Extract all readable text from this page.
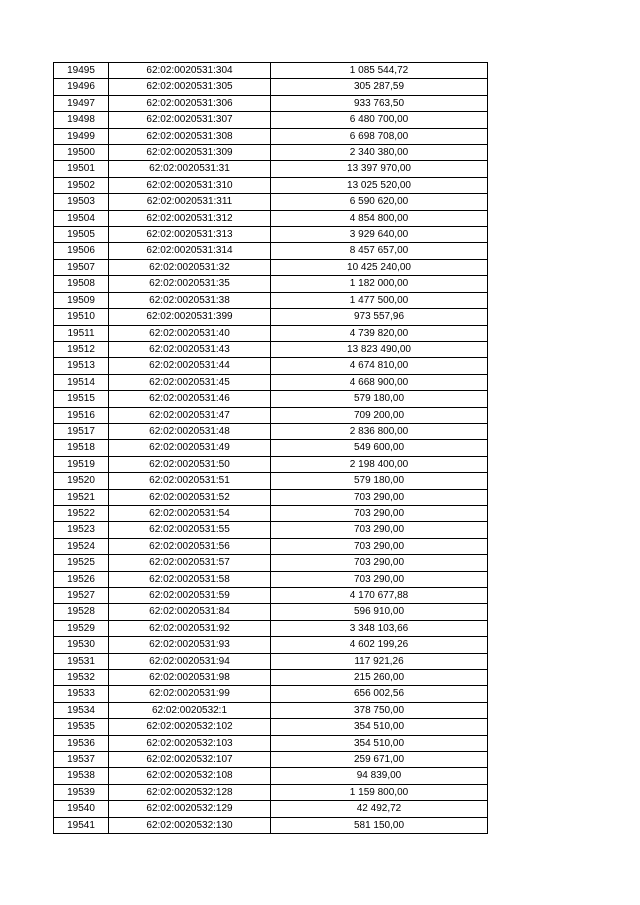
19495	62:02:0020531:304	1 085 544,72
19496	62:02:0020531:305	305 287,59
19497	62:02:0020531:306	933 763,50
19498	62:02:0020531:307	6 480 700,00
19499	62:02:0020531:308	6 698 708,00
19500	62:02:0020531:309	2 340 380,00
19501	62:02:0020531:31	13 397 970,00
19502	62:02:0020531:310	13 025 520,00
19503	62:02:0020531:311	6 590 620,00
19504	62:02:0020531:312	4 854 800,00
19505	62:02:0020531:313	3 929 640,00
19506	62:02:0020531:314	8 457 657,00
19507	62:02:0020531:32	10 425 240,00
19508	62:02:0020531:35	1 182 000,00
19509	62:02:0020531:38	1 477 500,00
19510	62:02:0020531:399	973 557,96
19511	62:02:0020531:40	4 739 820,00
19512	62:02:0020531:43	13 823 490,00
19513	62:02:0020531:44	4 674 810,00
19514	62:02:0020531:45	4 668 900,00
19515	62:02:0020531:46	579 180,00
19516	62:02:0020531:47	709 200,00
19517	62:02:0020531:48	2 836 800,00
19518	62:02:0020531:49	549 600,00
19519	62:02:0020531:50	2 198 400,00
19520	62:02:0020531:51	579 180,00
19521	62:02:0020531:52	703 290,00
19522	62:02:0020531:54	703 290,00
19523	62:02:0020531:55	703 290,00
19524	62:02:0020531:56	703 290,00
19525	62:02:0020531:57	703 290,00
19526	62:02:0020531:58	703 290,00
19527	62:02:0020531:59	4 170 677,88
19528	62:02:0020531:84	596 910,00
19529	62:02:0020531:92	3 348 103,66
19530	62:02:0020531:93	4 602 199,26
19531	62:02:0020531:94	117 921,26
19532	62:02:0020531:98	215 260,00
19533	62:02:0020531:99	656 002,56
19534	62:02:0020532:1	378 750,00
19535	62:02:0020532:102	354 510,00
19536	62:02:0020532:103	354 510,00
19537	62:02:0020532:107	259 671,00
19538	62:02:0020532:108	94 839,00
19539	62:02:0020532:128	1 159 800,00
19540	62:02:0020532:129	42 492,72
19541	62:02:0020532:130	581 150,00
